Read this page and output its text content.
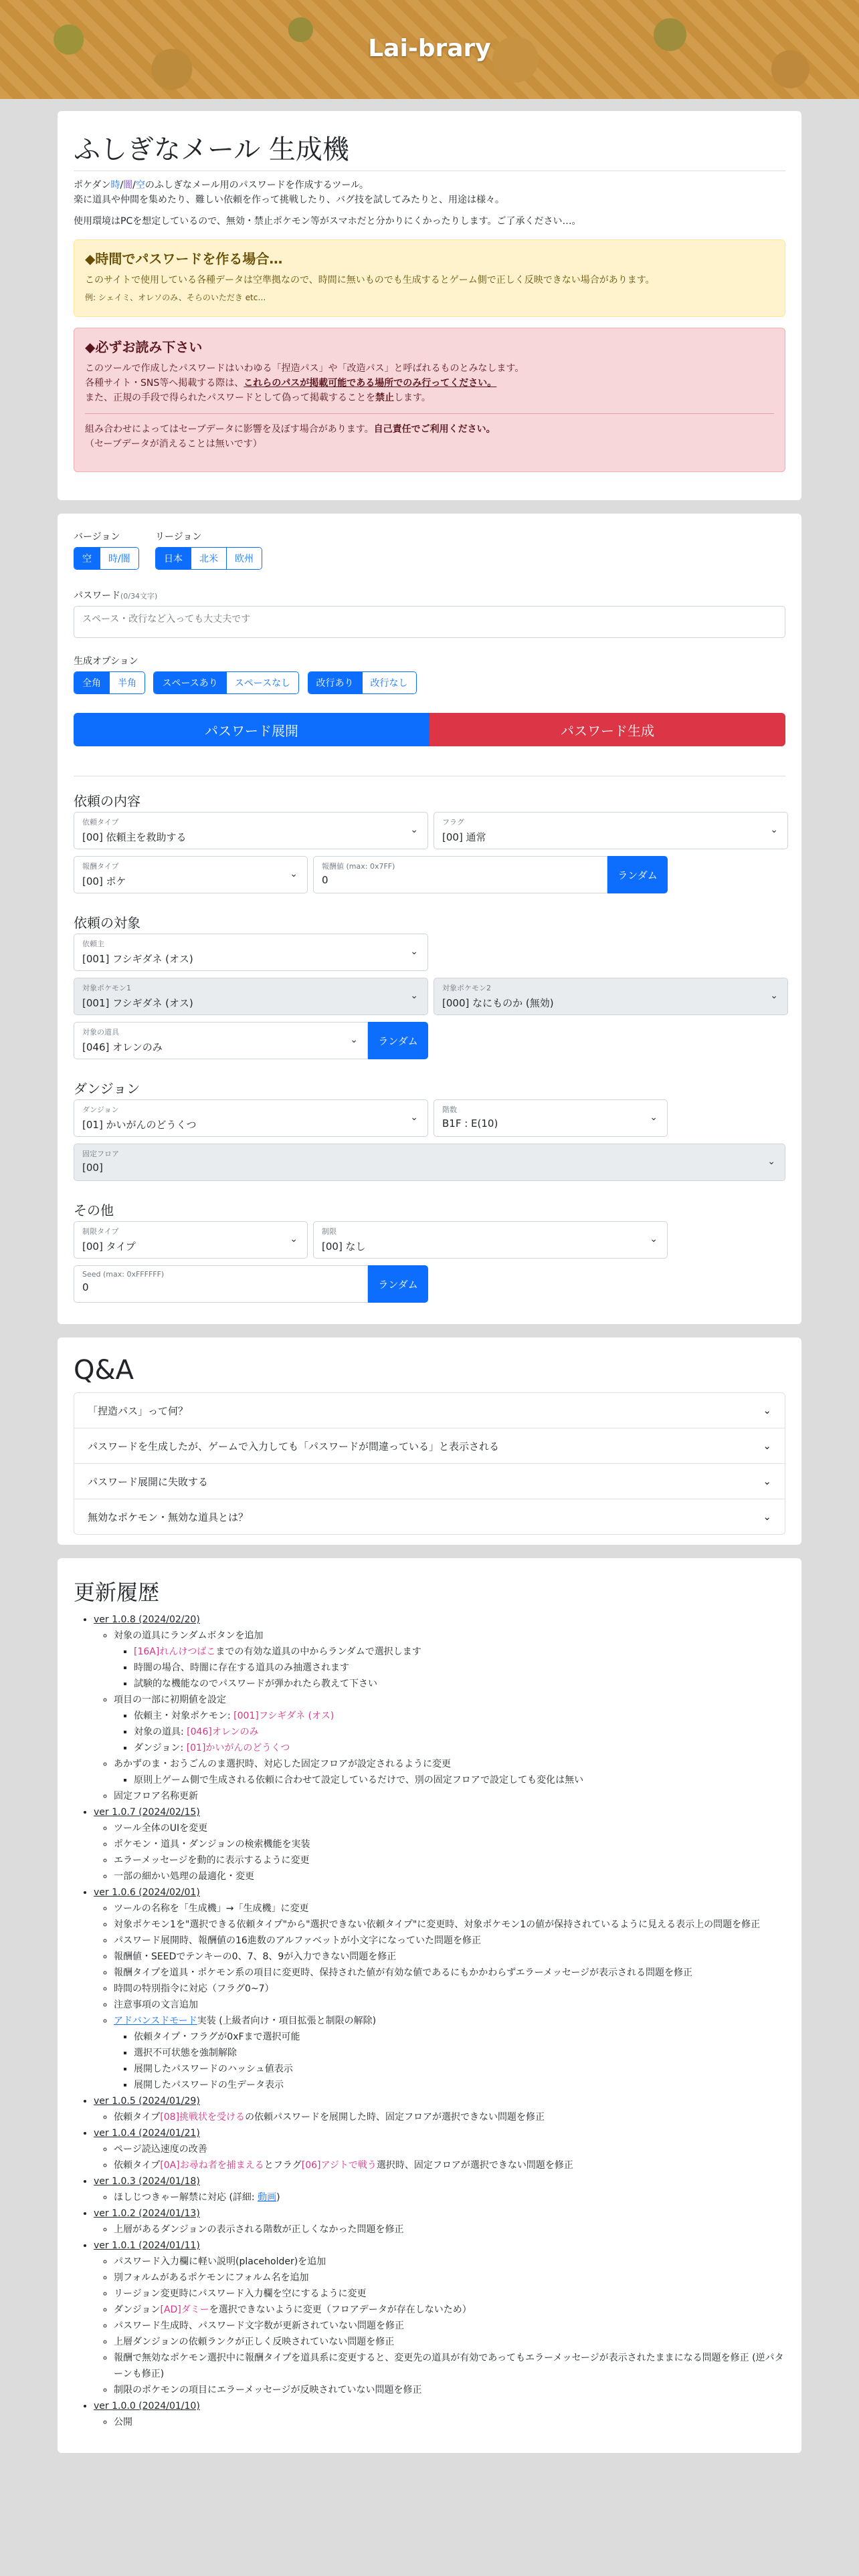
Lai-brary
ふしぎなメール 生成機

ポケダン時/闇/空のふしぎなメール用のパスワードを作成するツール。

楽に道具や仲間を集めたり、難しい依頼を作って挑戦したり、バグ技を試してみたりと、用途は様々。

使用環境はPCを想定しているので、無効・禁止ポケモン等がスマホだと分かりにくかったりします。ご了承ください…。

◆時間でパスワードを作る場合…
このサイトで使用している各種データは空準拠なので、時間に無いものでも生成するとゲーム側で正しく反映できない場合があります。
例: シェイミ、オレソのみ、そらのいただき etc…
◆必ずお読み下さい
このツールで作成したパスワードはいわゆる「捏造パス」や「改造パス」と呼ばれるものとみなします。
各種サイト・SNS等へ掲載する際は、これらのパスが掲載可能である場所でのみ行ってください。
また、正規の手段で得られたパスワードとして偽って掲載することを禁止します。
組み合わせによってはセーブデータに影響を及ぼす場合があります。自己責任でご利用ください。
（セーブデータが消えることは無いです）
バージョン
空	時/闇
リージョン
日本	北米	欧州
パスワード(0/34文字)
スペース・改行など入っても大丈夫です
生成オプション
全角	半角
	スペースあり	スペースなし
	改行あり	改行なし
パスワード展開	パスワード生成
依頼の内容
依頼タイプ
[00] 依頼主を救助する
⌄
フラグ
[00] 通常
⌄
報酬タイプ
[00] ポケ
⌄
報酬値 (max: 0x7FF)
0	ランダム
依頼の対象
依頼主
[001] フシギダネ (オス)
⌄
対象ポケモン1
[001] フシギダネ (オス)
⌄
対象ポケモン2
[000] なにものか (無効)
⌄
対象の道具
[046] オレンのみ
⌄	ランダム
ダンジョン
ダンジョン
[01] かいがんのどうくつ
⌄
階数
B1F : E(10)	⌄
固定フロア
[00]	⌄
その他
制限タイプ
[00] タイプ
⌄
制限
[00] なし
⌄
Seed (max: 0xFFFFFF)
0	ランダム
Q&A
「捏造パス」って何？	⌄
パスワードを生成したが、ゲームで入力しても「パスワードが間違っている」と表示される	⌄
パスワード展開に失敗する	⌄
無効なポケモン・無効な道具とは？	⌄
更新履歴
• ver 1.0.8 (2024/02/20)
◦ 対象の道具にランダムボタンを追加
▪ [16A]れんけつばこまでの有効な道具の中からランダムで選択します
▪ 時闇の場合、時闇に存在する道具のみ抽選されます
▪ 試験的な機能なのでパスワードが弾かれたら教えて下さい
◦ 項目の一部に初期値を設定
▪ 依頼主・対象ポケモン: [001]フシギダネ (オス)
▪ 対象の道具: [046]オレンのみ
▪ ダンジョン: [01]かいがんのどうくつ
◦ あかずのま・おうごんのま選択時、対応した固定フロアが設定されるように変更
▪ 原則上ゲーム側で生成される依頼に合わせて設定しているだけで、別の固定フロアで設定しても変化は無い
◦ 固定フロア名称更新
• ver 1.0.7 (2024/02/15)
◦ ツール全体のUIを変更
◦ ポケモン・道具・ダンジョンの検索機能を実装
◦ エラーメッセージを動的に表示するように変更
◦ 一部の細かい処理の最適化・変更
• ver 1.0.6 (2024/02/01)
◦ ツールの名称を「生成機」→「生成機」に変更
◦ 対象ポケモン1を"選択できる依頼タイプ"から"選択できない依頼タイプ"に変更時、対象ポケモン1の値が保持されているように見える表示上の問題を修正
◦ パスワード展開時、報酬値の16進数のアルファベットが小文字になっていた問題を修正
◦ 報酬値・SEEDでテンキーの0、7、8、9が入力できない問題を修正
◦ 報酬タイプを道具・ポケモン系の項目に変更時、保持された値が有効な値であるにもかかわらずエラーメッセージが表示される問題を修正
◦ 時間の特別指令に対応（フラグ0~7）
◦ 注意事項の文言追加
◦ アドバンスドモード実装 (上級者向け・項目拡張と制限の解除)
▪ 依頼タイプ・フラグが0xFまで選択可能
▪ 選択不可状態を強制解除
▪ 展開したパスワードのハッシュ値表示
▪ 展開したパスワードの生データ表示
• ver 1.0.5 (2024/01/29)
◦ 依頼タイプ[08]挑戦状を受けるの依頼パスワードを展開した時、固定フロアが選択できない問題を修正
• ver 1.0.4 (2024/01/21)
◦ ページ読込速度の改善
◦ 依頼タイプ[0A]お尋ね者を捕まえるとフラグ[06]アジトで戦う選択時、固定フロアが選択できない問題を修正
• ver 1.0.3 (2024/01/18)
◦ ほしじつきゃー解禁に対応 (詳細: 動画)
• ver 1.0.2 (2024/01/13)
◦ 上層があるダンジョンの表示される階数が正しくなかった問題を修正
• ver 1.0.1 (2024/01/11)
◦ パスワード入力欄に軽い説明(placeholder)を追加
◦ 別フォルムがあるポケモンにフォルム名を追加
◦ リージョン変更時にパスワード入力欄を空にするように変更
◦ ダンジョン[AD]ダミーを選択できないように変更（フロアデータが存在しないため）
◦ パスワード生成時、パスワード文字数が更新されていない問題を修正
◦ 上層ダンジョンの依頼ランクが正しく反映されていない問題を修正
◦ 報酬で無効なポケモン選択中に報酬タイプを道具系に変更すると、変更先の道具が有効であってもエラーメッセージが表示されたままになる問題を修正 (逆パターンも修正)
◦ 制限のポケモンの項目にエラーメッセージが反映されていない問題を修正
• ver 1.0.0 (2024/01/10)
◦ 公開
